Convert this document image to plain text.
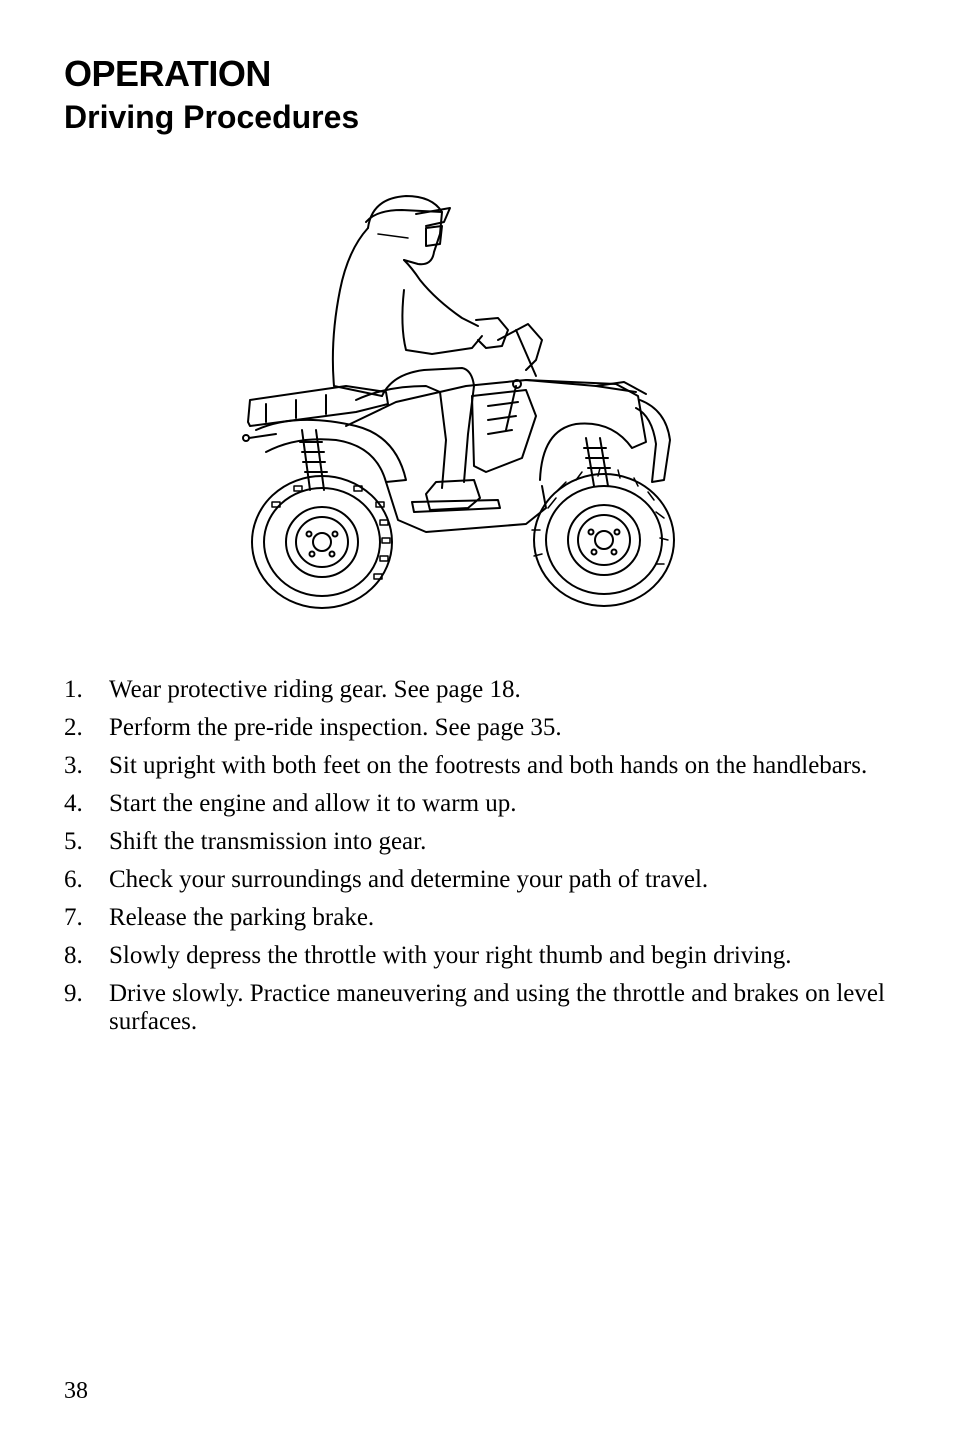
OPERATION
Driving Procedures
1.	Wear protective riding gear. See page 18.
2.	Perform the pre-ride inspection. See page 35.
3.	Sit upright with both feet on the footrests and both hands on the handlebars.
4.	Start the engine and allow it to warm up.
5.	Shift the transmission into gear.
6.	Check your surroundings and determine your path of travel.
7.	Release the parking brake.
8.	Slowly depress the throttle with your right thumb and begin driving.
9.	Drive slowly. Practice maneuvering and using the throttle and brakes on level surfaces.
38
